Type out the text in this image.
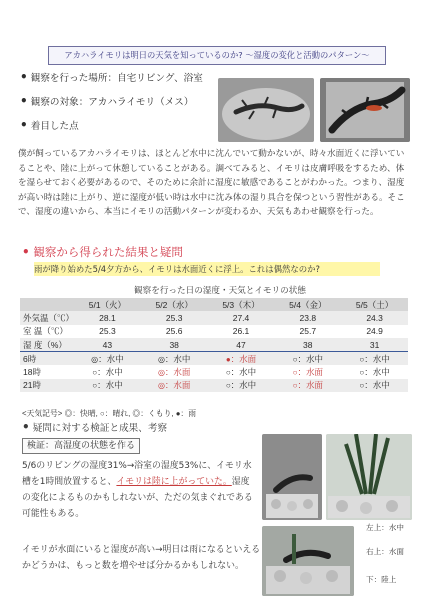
アカハライモリは明日の天気を知っているのか? 〜湿度の変化と活動のパターン〜
• 観察を行った場所：自宅リビング、浴室
• 観察の対象：アカハライモリ（メス）
• 着目した点
僕が飼っているアカハライモリは、ほとんど水中に沈んでいて動かないが、時々水面近くに浮いていることや、陸に上がって休憩していることがある。調べてみると、イモリは皮膚呼吸をするため、体を湿らせておく必要があるので、そのために余計に湿度に敏感であることがわかった。つまり、湿度が高い時は陸に上がり、逆に湿度が低い時は水中に沈み体の湿り具合を保つという習性がある。そこで、湿度の違いから、本当にイモリの活動パターンが変わるか、天気もあわせ観察を行った。
• 観察から得られた結果と疑問
雨が降り始めた5/4夕方から、イモリは水面近くに浮上。これは偶然なのか?
観察を行った日の湿度・天気とイモリの状態
	5/1（火）	5/2（水）	5/3（木）	5/4（金）	5/5（土）
外気温（℃）	28.1	25.3	27.4	23.8	24.3
室 温（℃）	25.3	25.6	26.1	25.7	24.9
湿 度（%）	43	38	47	38	31
6時	◎：水中	◎：水中	●：水面	○：水中	○：水中
18時	○：水中	◎：水面	○：水中	○：水面	○：水中
21時	○：水中	◎：水面	○：水中	○：水面	○：水中
<天気記号> ◎：快晴, ○：晴れ, ◎：くもり, ●：雨
• 疑問に対する検証と成果、考察
検証：高湿度の状態を作る
5/6のリビングの湿度31%→浴室の湿度53%に、イモリ水槽を1時間放置すると、イモリは陸に上がっていた。湿度の変化によるものかもしれないが、ただの気まぐれである可能性もある。
イモリが水面にいると湿度が高い→明日は雨になるといえるかどうかは、もっと数を増やせば分かるかもしれない。
左上：水中
右上：水面
下：陸上
